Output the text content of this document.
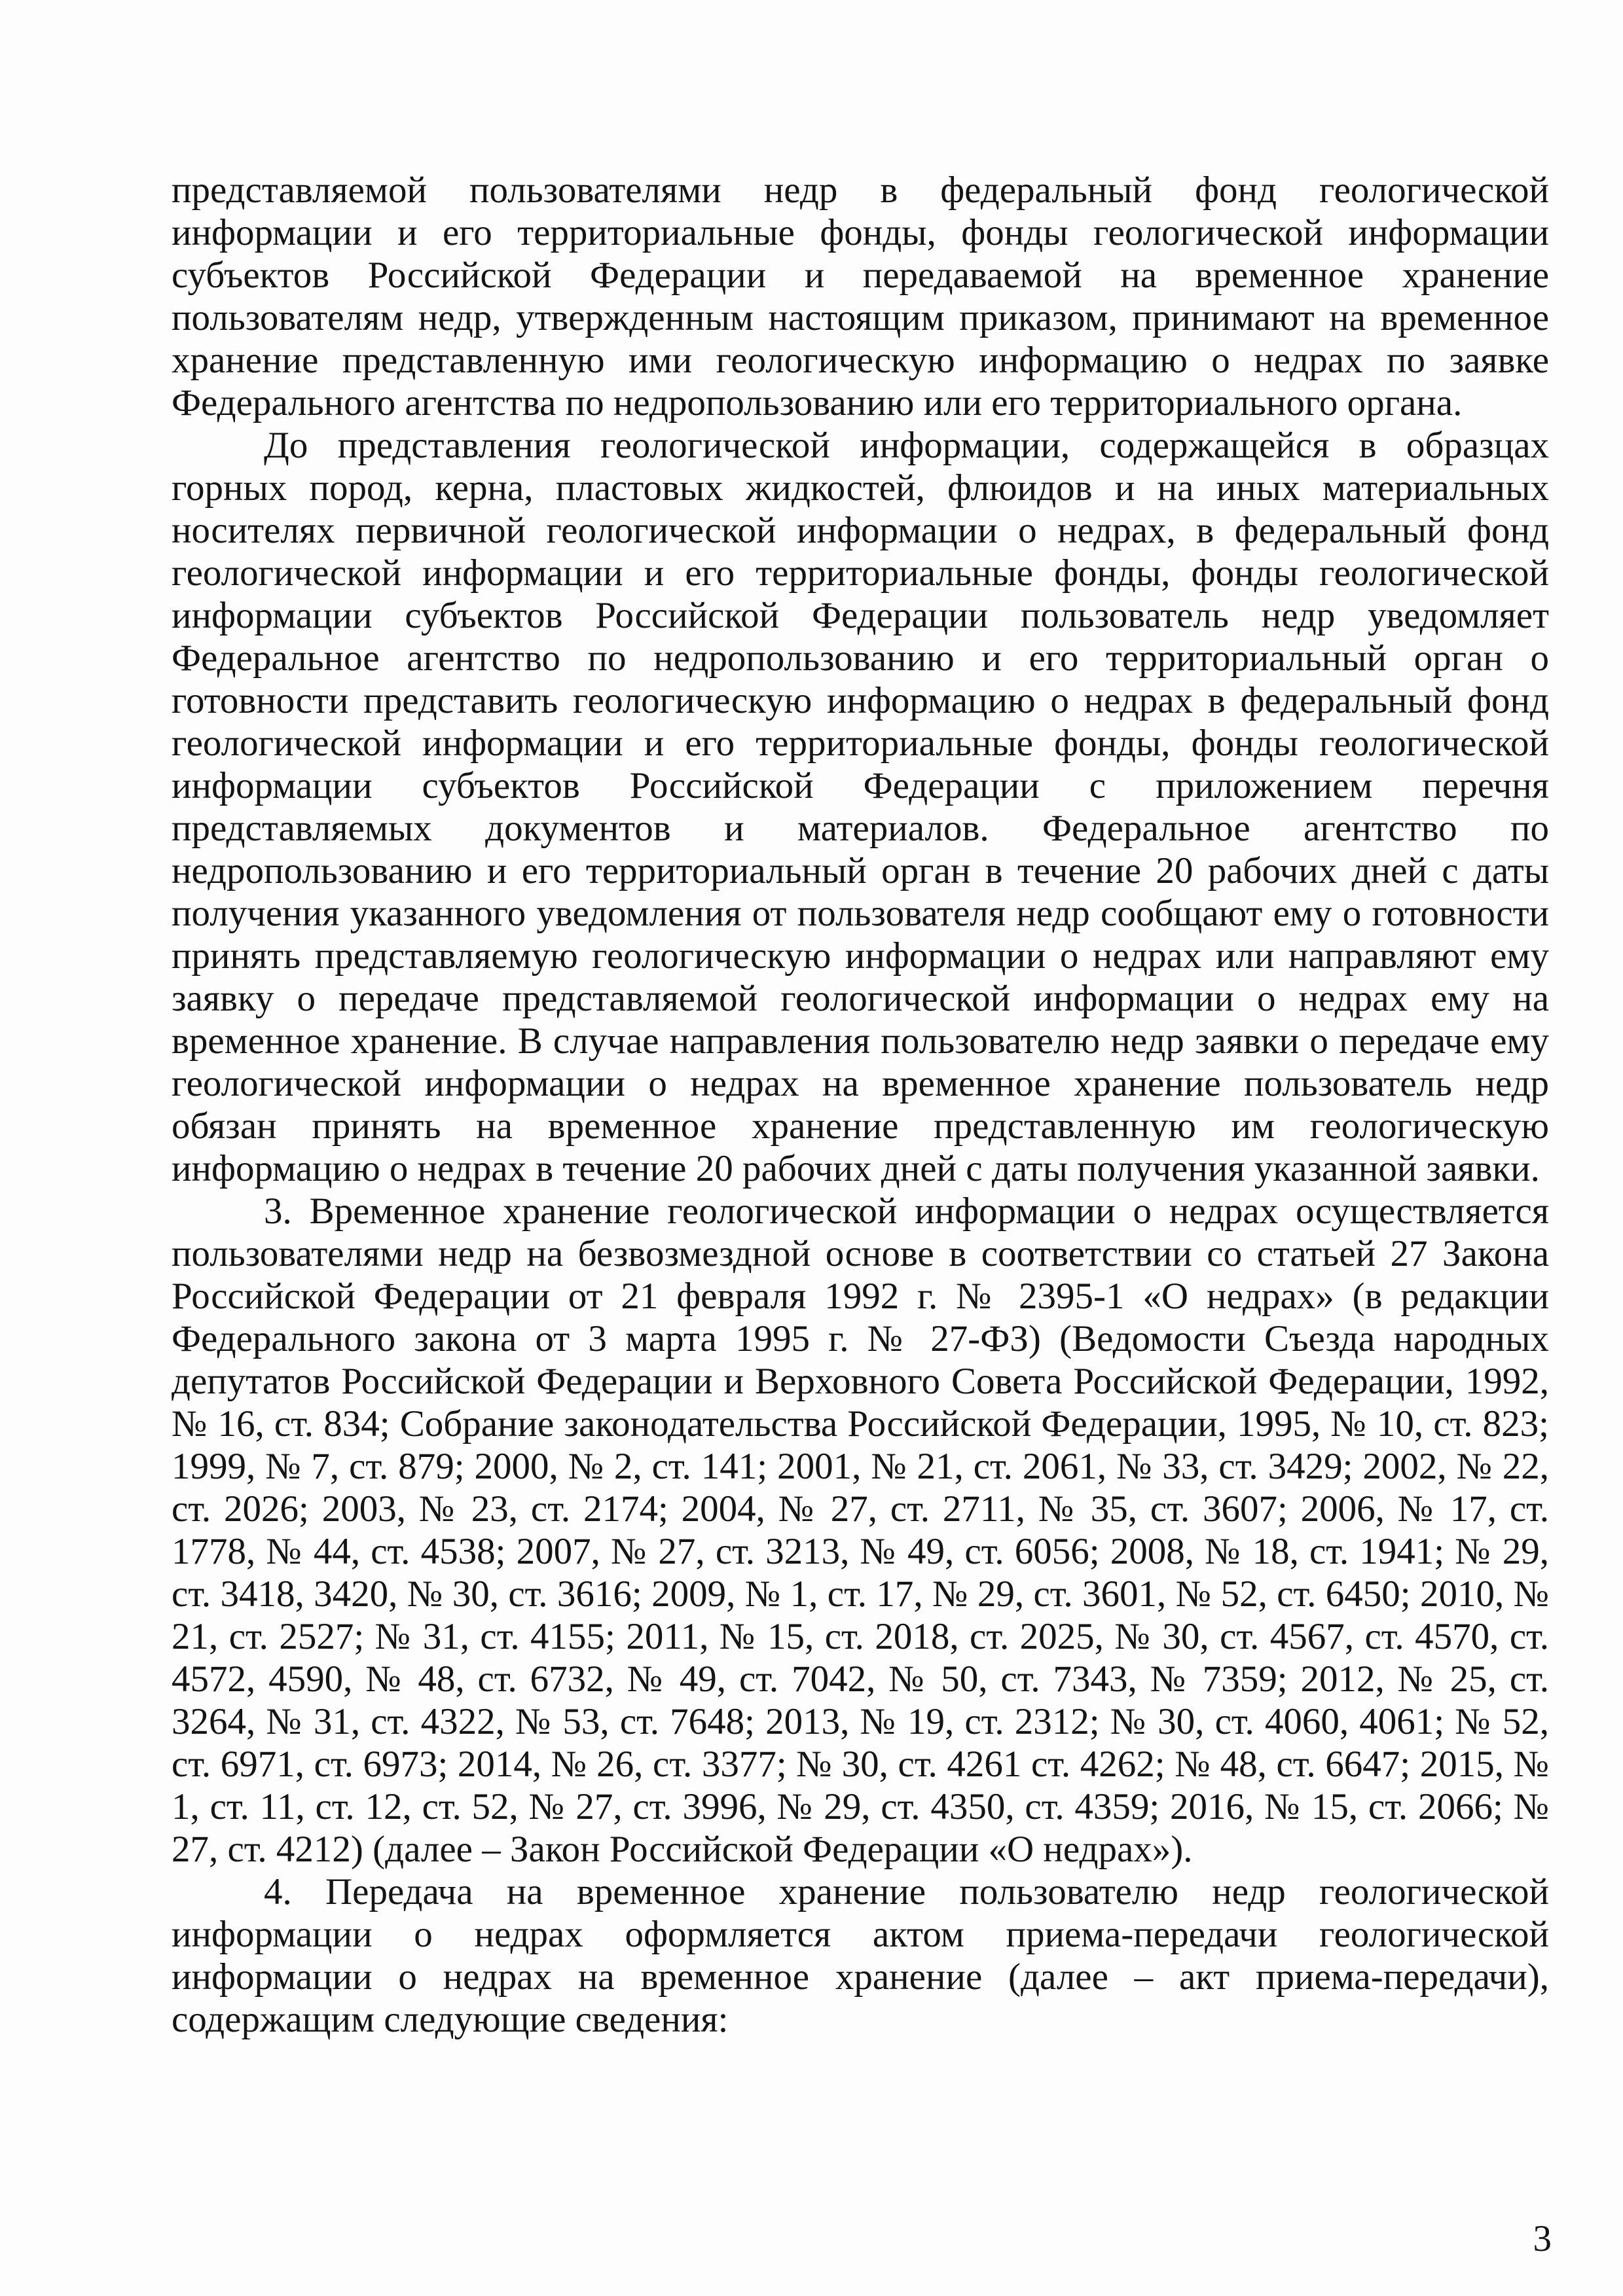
представляемой пользователями недр в федеральный фонд геологической информации и его территориальные фонды, фонды геологической информации субъектов Российской Федерации и передаваемой на временное хранение пользователям недр, утвержденным настоящим приказом, принимают на временное хранение представленную ими геологическую информацию о недрах по заявке Федерального агентства по недропользованию или его территориального органа.

До представления геологической информации, содержащейся в образцах горных пород, керна, пластовых жидкостей, флюидов и на иных материальных носителях первичной геологической информации о недрах, в федеральный фонд геологической информации и его территориальные фонды, фонды геологической информации субъектов Российской Федерации пользователь недр уведомляет Федеральное агентство по недропользованию и его территориальный орган о готовности представить геологическую информацию о недрах в федеральный фонд геологической информации и его территориальные фонды, фонды геологической информации субъектов Российской Федерации с приложением перечня представляемых документов и материалов. Федеральное агентство по недропользованию и его территориальный орган в течение 20 рабочих дней с даты получения указанного уведомления от пользователя недр сообщают ему о готовности принять представляемую геологическую информации о недрах или направляют ему заявку о передаче представляемой геологической информации о недрах ему на временное хранение. В случае направления пользователю недр заявки о передаче ему геологической информации о недрах на временное хранение пользователь недр обязан принять на временное хранение представленную им геологическую информацию о недрах в течение 20 рабочих дней с даты получения указанной заявки.

3. Временное хранение геологической информации о недрах осуществляется пользователями недр на безвозмездной основе в соответствии со статьей 27 Закона Российской Федерации от 21 февраля 1992 г. № 2395-1 «О недрах» (в редакции Федерального закона от 3 марта 1995 г. № 27-ФЗ) (Ведомости Съезда народных депутатов Российской Федерации и Верховного Совета Российской Федерации, 1992, № 16, ст. 834; Собрание законодательства Российской Федерации, 1995, № 10, ст. 823; 1999, № 7, ст. 879; 2000, № 2, ст. 141; 2001, № 21, ст. 2061, № 33, ст. 3429; 2002, № 22, ст. 2026; 2003, № 23, ст. 2174; 2004, № 27, ст. 2711, № 35, ст. 3607; 2006, № 17, ст. 1778, № 44, ст. 4538; 2007, № 27, ст. 3213, № 49, ст. 6056; 2008, № 18, ст. 1941; № 29, ст. 3418, 3420, № 30, ст. 3616; 2009, № 1, ст. 17, № 29, ст. 3601, № 52, ст. 6450; 2010, № 21, ст. 2527; № 31, ст. 4155; 2011, № 15, ст. 2018, ст. 2025, № 30, ст. 4567, ст. 4570, ст. 4572, 4590, № 48, ст. 6732, № 49, ст. 7042, № 50, ст. 7343, № 7359; 2012, № 25, ст. 3264, № 31, ст. 4322, № 53, ст. 7648; 2013, № 19, ст. 2312; № 30, ст. 4060, 4061; № 52, ст. 6971, ст. 6973; 2014, № 26, ст. 3377; № 30, ст. 4261 ст. 4262; № 48, ст. 6647; 2015, № 1, ст. 11, ст. 12, ст. 52, № 27, ст. 3996, № 29, ст. 4350, ст. 4359; 2016, № 15, ст. 2066; № 27, ст. 4212) (далее – Закон Российской Федерации «О недрах»).

4. Передача на временное хранение пользователю недр геологической информации о недрах оформляется актом приема-передачи геологической информации о недрах на временное хранение (далее – акт приема-передачи), содержащим следующие сведения:

3
